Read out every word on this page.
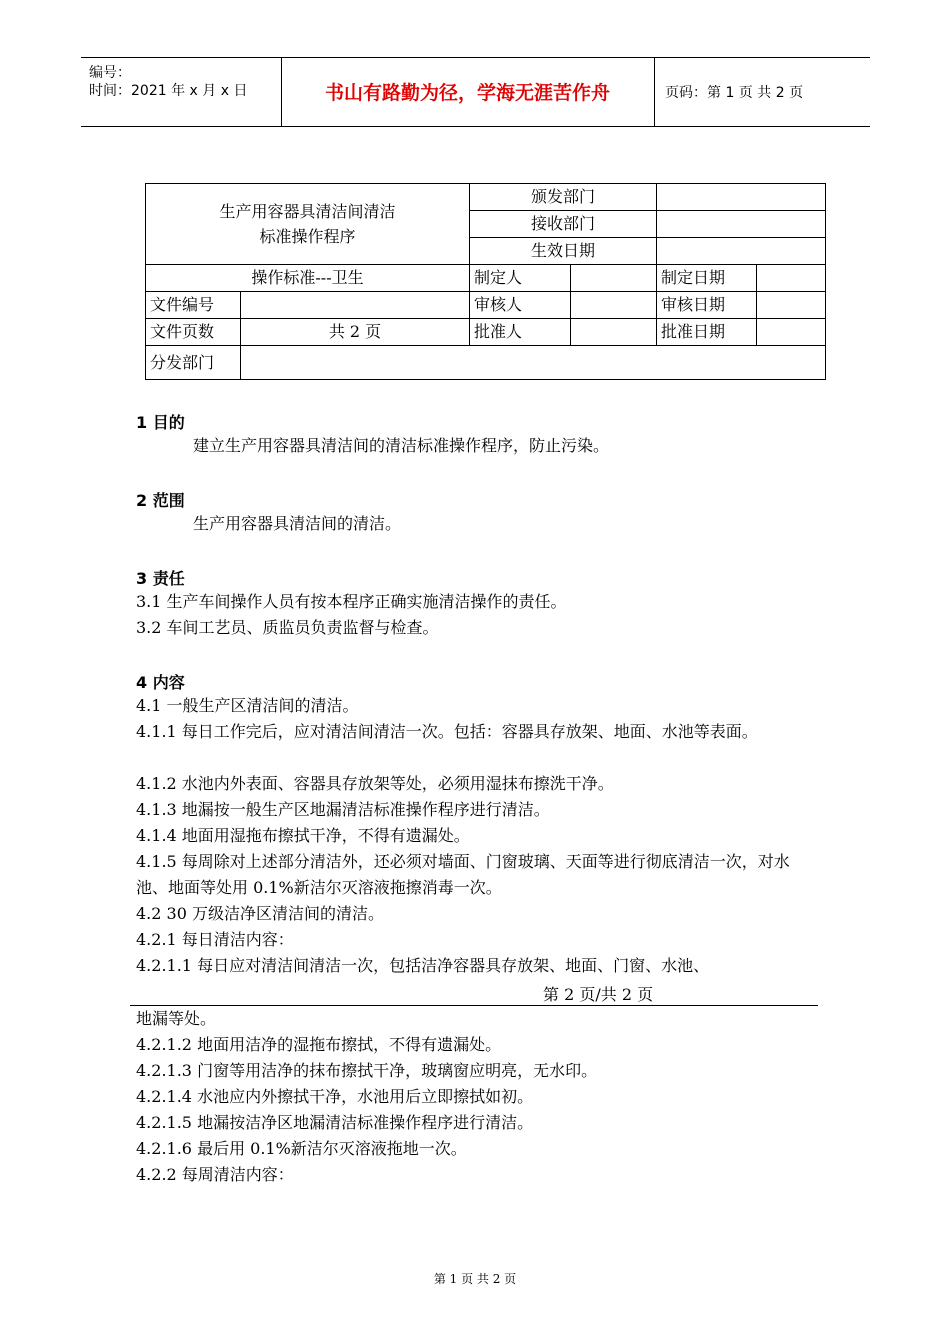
编号：
时间：2021 年 x 月 x 日	书山有路勤为径，学海无涯苦作舟	页码：第 1 页 共 2 页
生产用容器具清洁间清洁
标准操作程序		颁发部门			
		接收部门			
		生效日期			
操作标准---卫生		制定人		制定日期	
文件编号		审核人		审核日期	
文件页数	共 2 页	批准人		批准日期	
分发部门					
1 目的
建立生产用容器具清洁间的清洁标准操作程序，防止污染。
2 范围
生产用容器具清洁间的清洁。
3 责任
3.1 生产车间操作人员有按本程序正确实施清洁操作的责任。
3.2 车间工艺员、质监员负责监督与检查。
4 内容
4.1 一般生产区清洁间的清洁。
4.1.1 每日工作完后，应对清洁间清洁一次。包括：容器具存放架、地面、水池等表面。
4.1.2 水池内外表面、容器具存放架等处，必须用湿抹布擦洗干净。
4.1.3 地漏按一般生产区地漏清洁标准操作程序进行清洁。
4.1.4 地面用湿拖布擦拭干净，不得有遗漏处。
4.1.5 每周除对上述部分清洁外，还必须对墙面、门窗玻璃、天面等进行彻底清洁一次，对水池、地面等处用 0.1%新洁尔灭溶液拖擦消毒一次。
4.2 30 万级洁净区清洁间的清洁。
4.2.1 每日清洁内容：
4.2.1.1 每日应对清洁间清洁一次，包括洁净容器具存放架、地面、门窗、水池、
第 2 页/共 2 页
地漏等处。
4.2.1.2 地面用洁净的湿拖布擦拭，不得有遗漏处。
4.2.1.3 门窗等用洁净的抹布擦拭干净，玻璃窗应明亮，无水印。
4.2.1.4 水池应内外擦拭干净，水池用后立即擦拭如初。
4.2.1.5 地漏按洁净区地漏清洁标准操作程序进行清洁。
4.2.1.6 最后用 0.1%新洁尔灭溶液拖地一次。
4.2.2 每周清洁内容：
第 1 页 共 2 页
